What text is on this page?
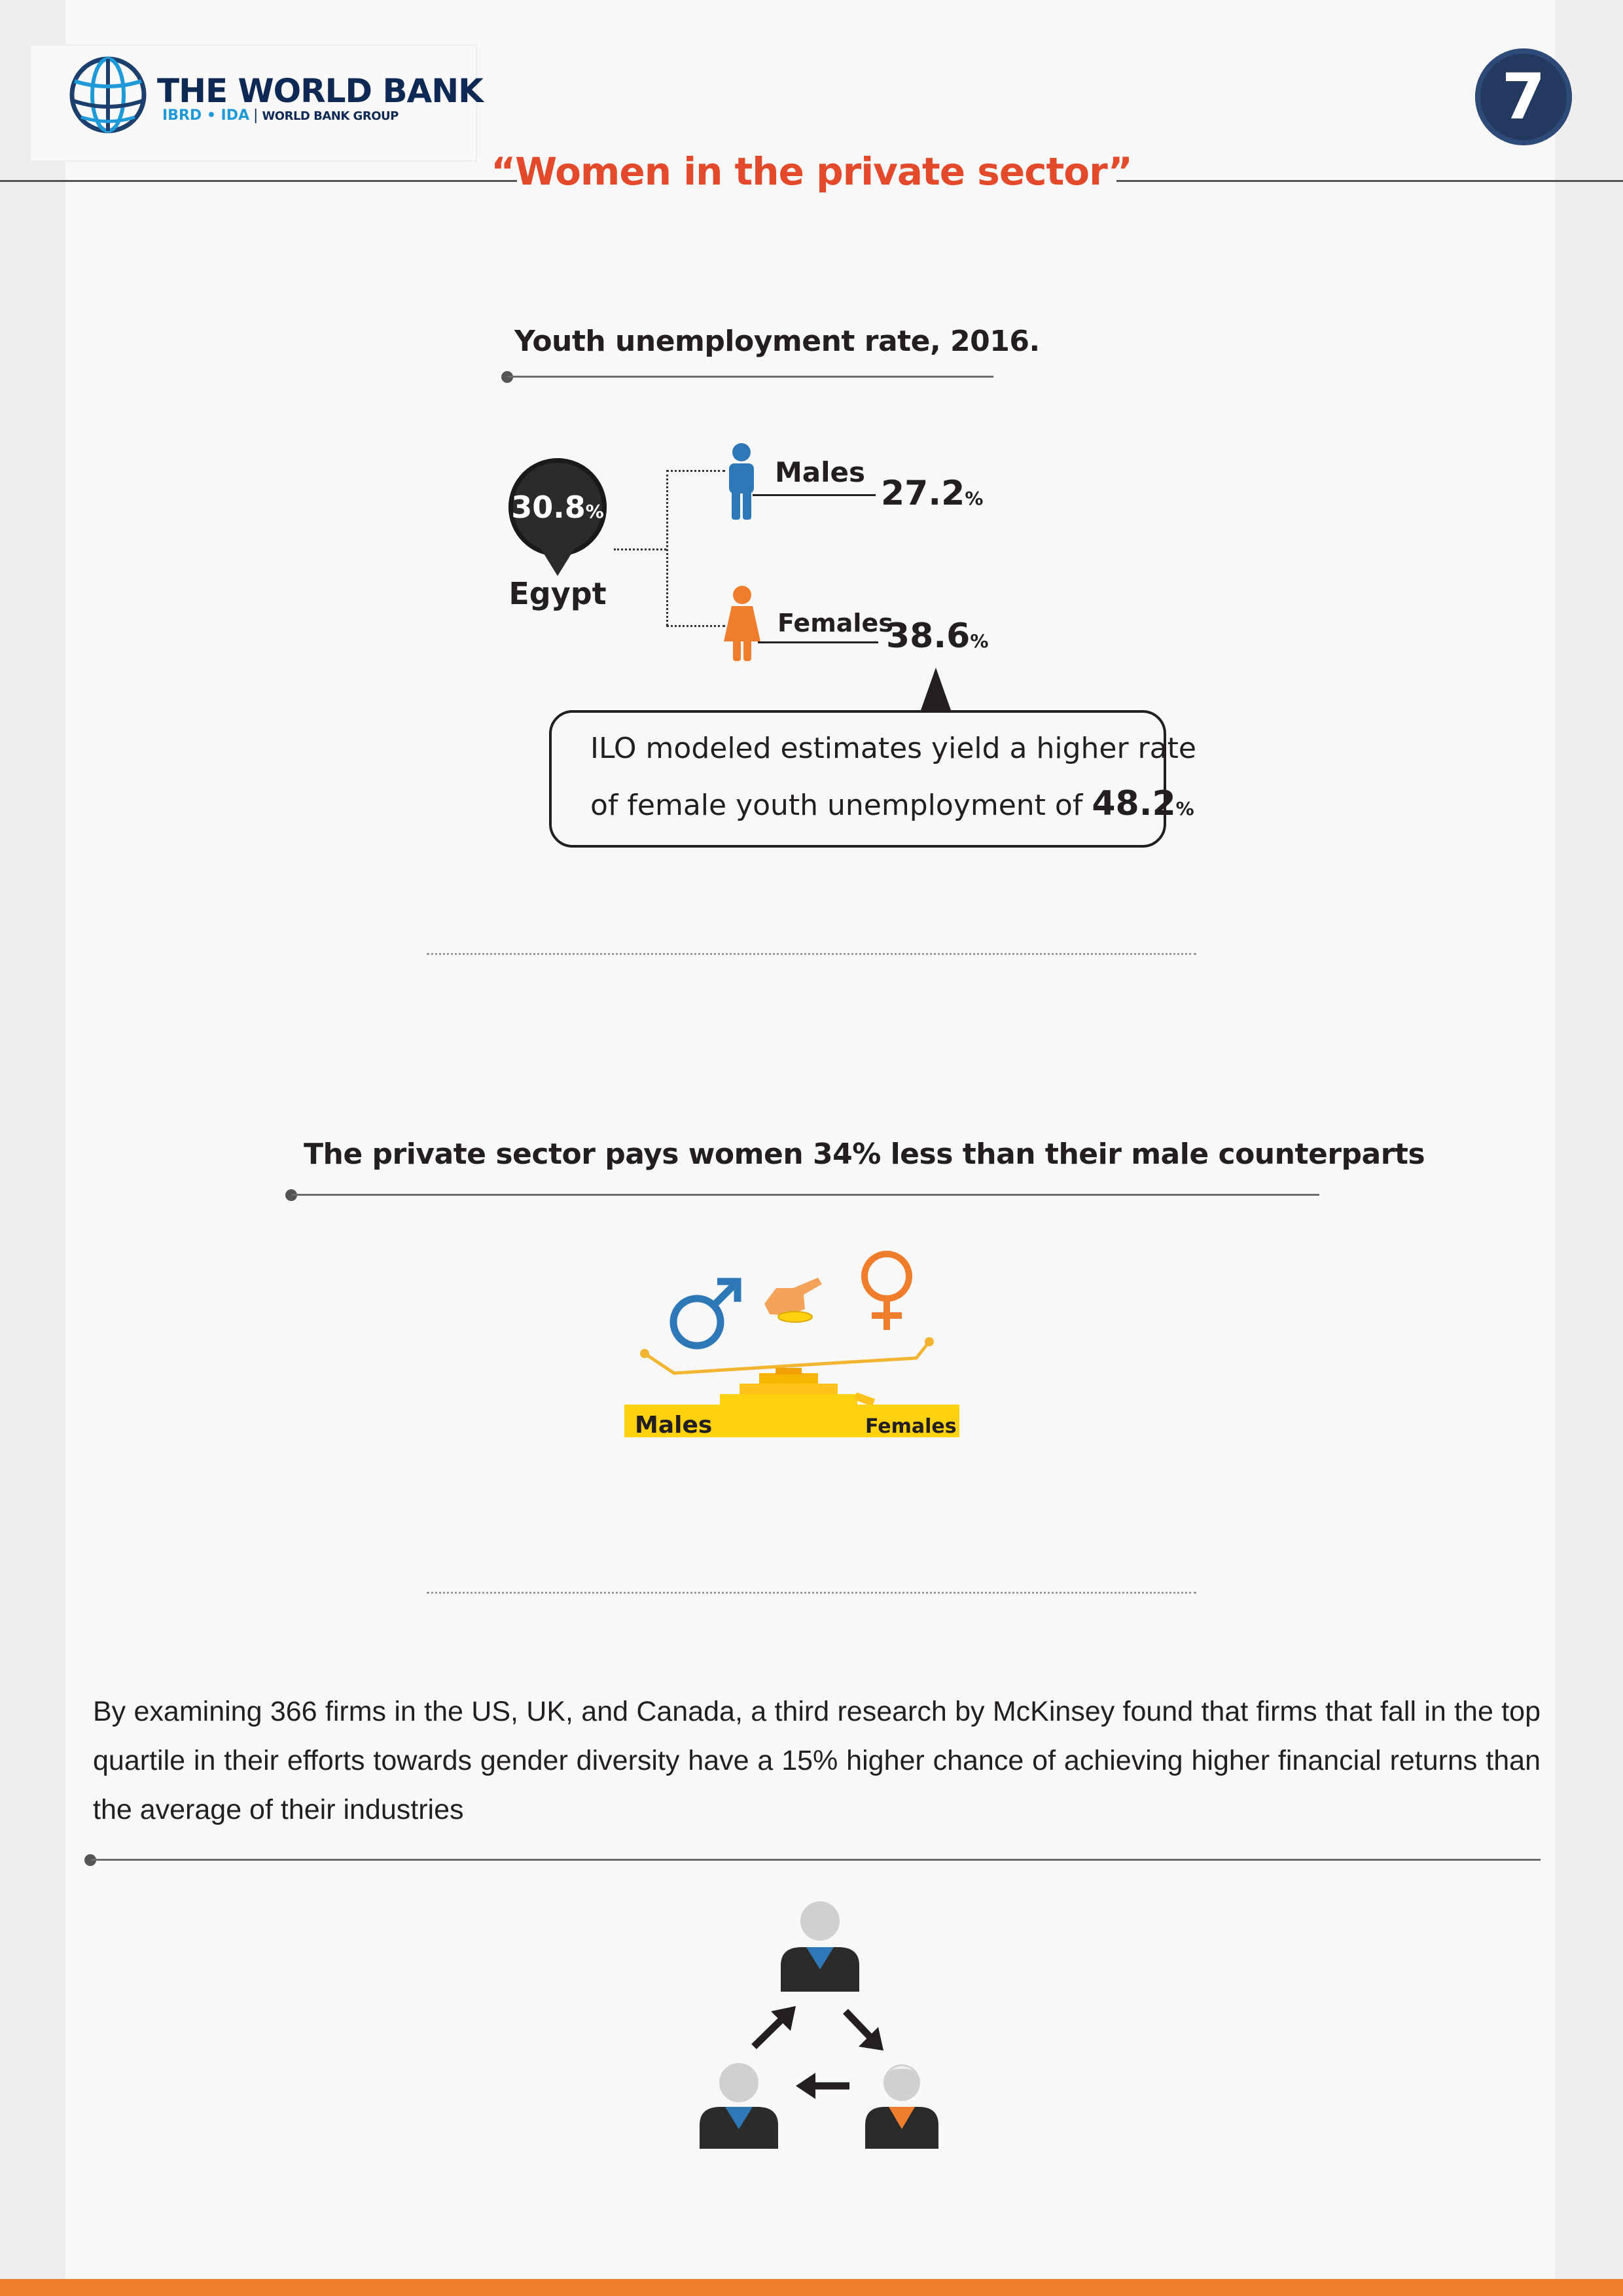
THE WORLD BANK
IBRD • IDA | WORLD BANK GROUP	7
“Women in the private sector”
Youth unemployment rate, 2016.
30.8%
Egypt
Males
27.2%
Females
38.6%
ILO modeled estimates yield a higher rate
of female youth unemployment of 48.2%
The private sector pays women 34% less than their male counterparts
Males	Females
By examining 366 firms in the US, UK, and Canada, a third research by McKinsey found that firms that fall in the top quartile in their efforts towards gender diversity have a 15% higher chance of achieving higher financial returns than the average of their industries
